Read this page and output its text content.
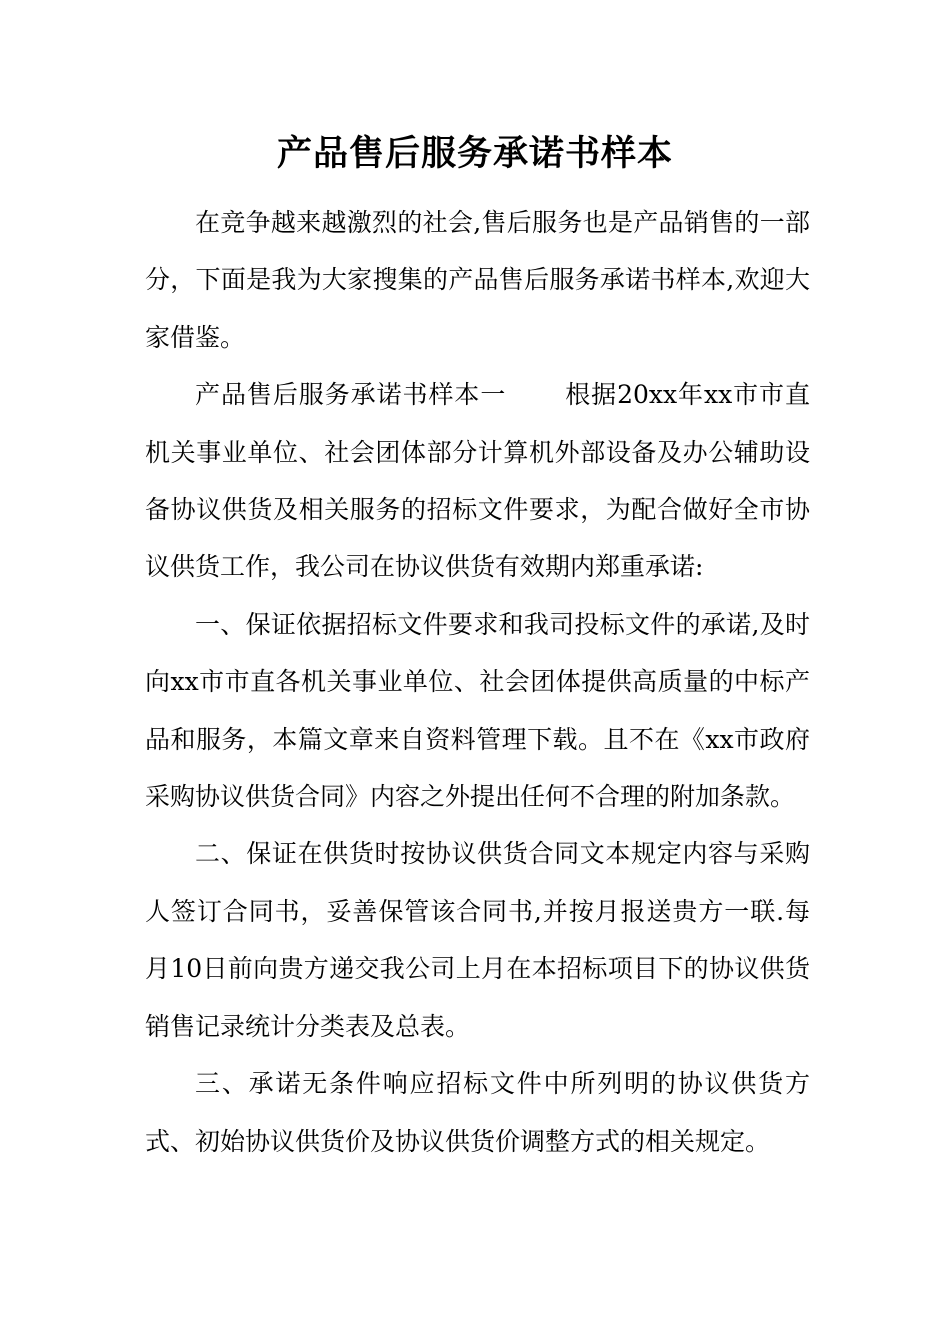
产品售后服务承诺书样本

在竞争越来越激烈的社会,售后服务也是产品销售的一部分，下面是我为大家搜集的产品售后服务承诺书样本,欢迎大家借鉴。

产品售后服务承诺书样本一 根据20xx年xx市市直机关事业单位、社会团体部分计算机外部设备及办公辅助设备协议供货及相关服务的招标文件要求，为配合做好全市协议供货工作，我公司在协议供货有效期内郑重承诺:

一、保证依据招标文件要求和我司投标文件的承诺,及时向xx市市直各机关事业单位、社会团体提供高质量的中标产品和服务，本篇文章来自资料管理下载。且不在《xx市政府采购协议供货合同》内容之外提出任何不合理的附加条款。

二、保证在供货时按协议供货合同文本规定内容与采购人签订合同书，妥善保管该合同书,并按月报送贵方一联.每月10日前向贵方递交我公司上月在本招标项目下的协议供货销售记录统计分类表及总表。

三、承诺无条件响应招标文件中所列明的协议供货方式、初始协议供货价及协议供货价调整方式的相关规定。
